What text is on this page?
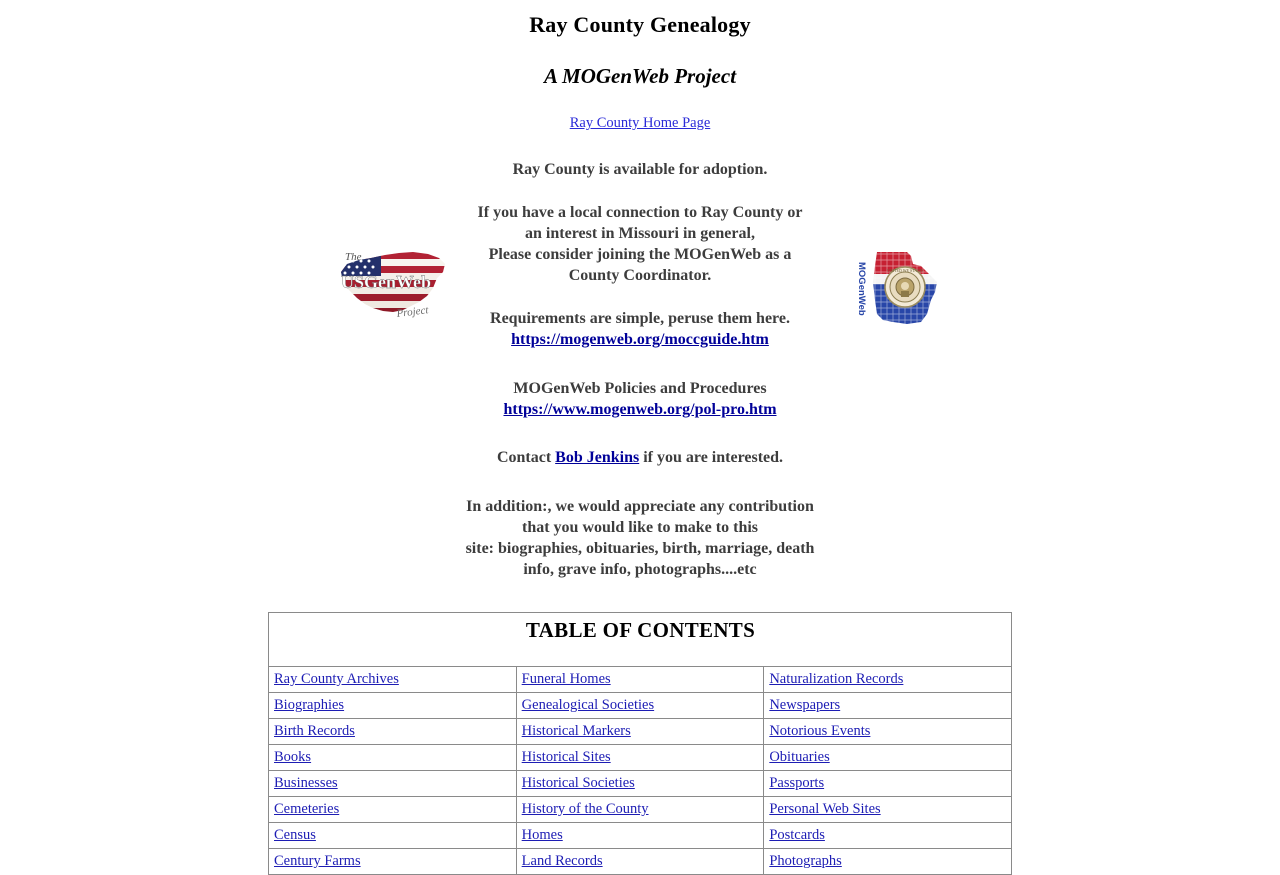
Ray County Genealogy
A MOGenWeb Project
Ray County Home Page
The
USGenWeb
Project
UNITED WE STAND
MOGenWeb
Ray County is available for adoption.
If you have a local connection to Ray County or
an interest in Missouri in general,
Please consider joining the MOGenWeb as a
County Coordinator.
Requirements are simple, peruse them here.
https://mogenweb.org/moccguide.htm
MOGenWeb Policies and Procedures
https://www.mogenweb.org/pol-pro.htm
Contact Bob Jenkins if you are interested.
In addition:, we would appreciate any contribution
that you would like to make to this
site: biographies, obituaries, birth, marriage, death
info, grave info, photographs....etc
TABLE OF CONTENTS		

Ray County Archives	Funeral Homes	Naturalization Records
Biographies	Genealogical Societies	Newspapers
Birth Records	Historical Markers	Notorious Events
Books	Historical Sites	Obituaries
Businesses	Historical Societies	Passports
Cemeteries	History of the County	Personal Web Sites
Census	Homes	Postcards
Century Farms	Land Records	Photographs
